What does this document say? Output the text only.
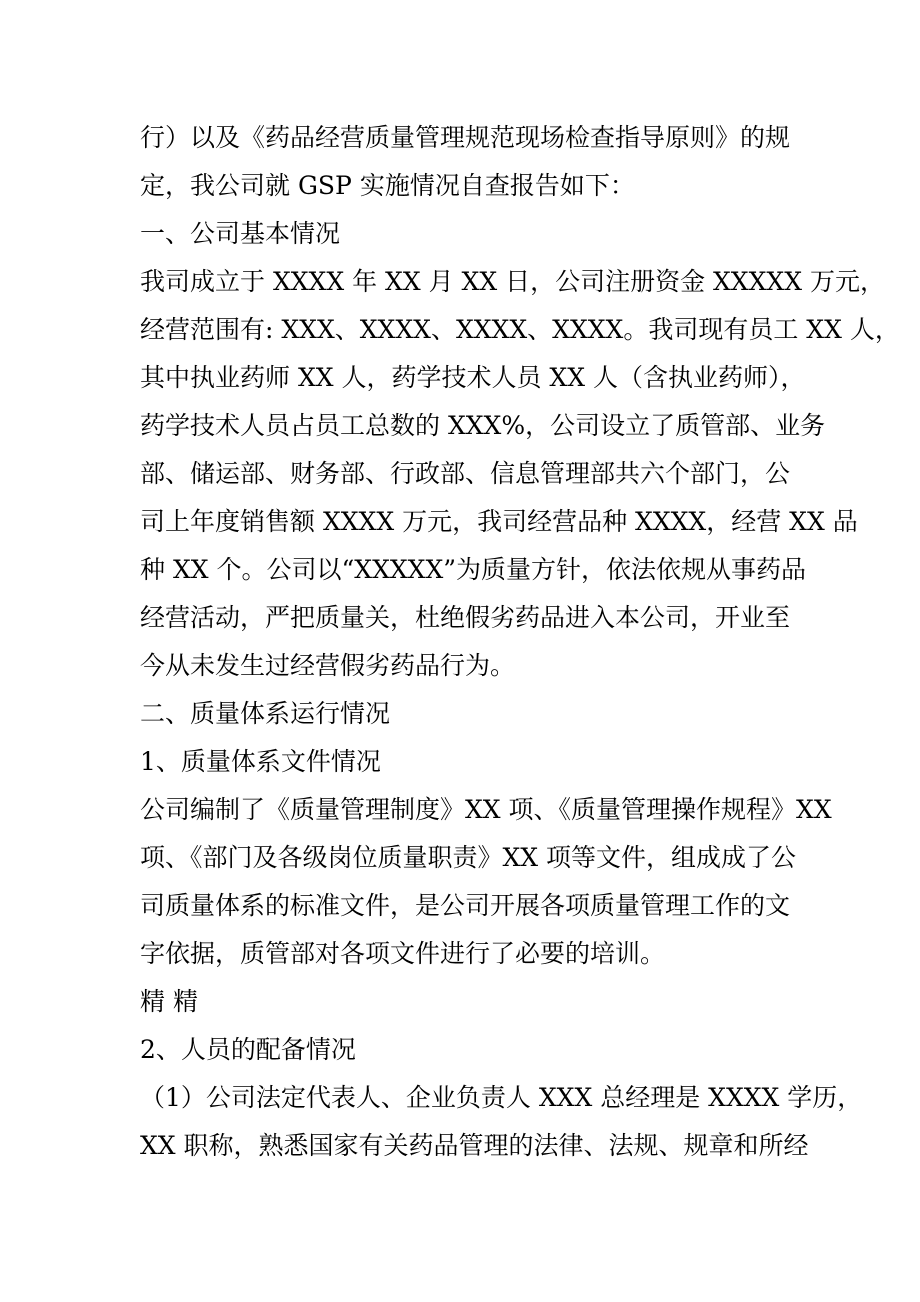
行）以及《药品经营质量管理规范现场检查指导原则》的规
定，我公司就 GSP 实施情况自查报告如下：
一、公司基本情况
我司成立于 XXXX 年 XX 月 XX 日，公司注册资金 XXXXX 万元，
经营范围有: XXX、XXXX、XXXX、XXXX。我司现有员工 XX 人，
其中执业药师 XX 人，药学技术人员 XX 人（含执业药师），
药学技术人员占员工总数的 XXX%，公司设立了质管部、业务
部、储运部、财务部、行政部、信息管理部共六个部门，公
司上年度销售额 XXXX 万元，我司经营品种 XXXX，经营 XX 品
种 XX 个。公司以“XXXXX”为质量方针，依法依规从事药品
经营活动，严把质量关，杜绝假劣药品进入本公司，开业至
今从未发生过经营假劣药品行为。
二、质量体系运行情况
1、质量体系文件情况
公司编制了《质量管理制度》XX 项、《质量管理操作规程》XX
项、《部门及各级岗位质量职责》XX 项等文件，组成成了公
司质量体系的标准文件，是公司开展各项质量管理工作的文
字依据，质管部对各项文件进行了必要的培训。
精 精
2、人员的配备情况
（1）公司法定代表人、企业负责人 XXX 总经理是 XXXX 学历，
XX 职称，熟悉国家有关药品管理的法律、法规、规章和所经
